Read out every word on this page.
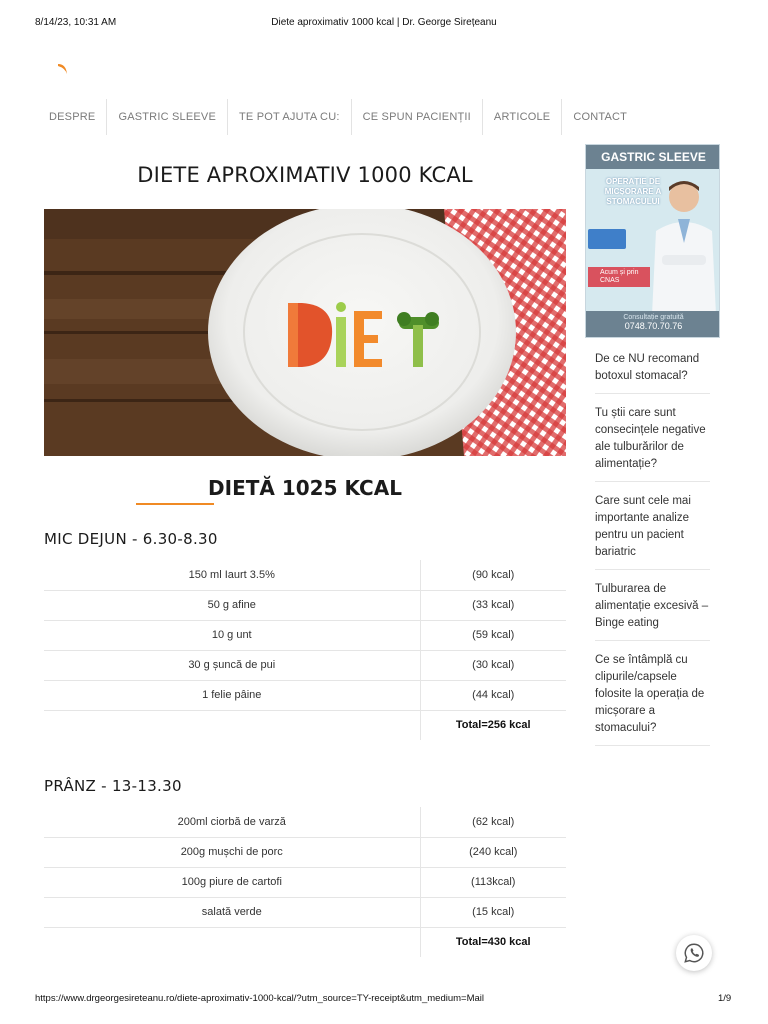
8/14/23, 10:31 AM	Diete aproximativ 1000 kcal | Dr. George Sirețeanu
DESPRE	GASTRIC SLEEVE	TE POT AJUTA CU:	CE SPUN PACIENȚII	ARTICOLE	CONTACT
DIETE APROXIMATIV 1000 KCAL
DIETĂ 1025 KCAL
MIC DEJUN - 6.30-8.30
150 ml Iaurt 3.5%	(90 kcal)
50 g afine	(33 kcal)
10 g unt	(59 kcal)
30 g șuncă de pui	(30 kcal)
1 felie pâine	(44 kcal)
	Total=256 kcal
PRÂNZ - 13-13.30
200ml ciorbă de varză	(62 kcal)
200g mușchi de porc	(240 kcal)
100g piure de cartofi	(113kcal)
salată verde	(15 kcal)
	Total=430 kcal
GASTRIC SLEEVE
OPERAȚIE DE MICȘORARE A STOMACULUI
Acum și prin CNAS
Consultație gratuită
0748.70.70.76
De ce NU recomand botoxul stomacal?
Tu știi care sunt consecințele negative ale tulburărilor de alimentație?
Care sunt cele mai importante analize pentru un pacient bariatric
Tulburarea de alimentație excesivă – Binge eating
Ce se întâmplă cu clipurile/capsele folosite la operația de micșorare a stomacului?
https://www.drgeorgesireteanu.ro/diete-aproximativ-1000-kcal/?utm_source=TY-receipt&utm_medium=Mail	1/9
